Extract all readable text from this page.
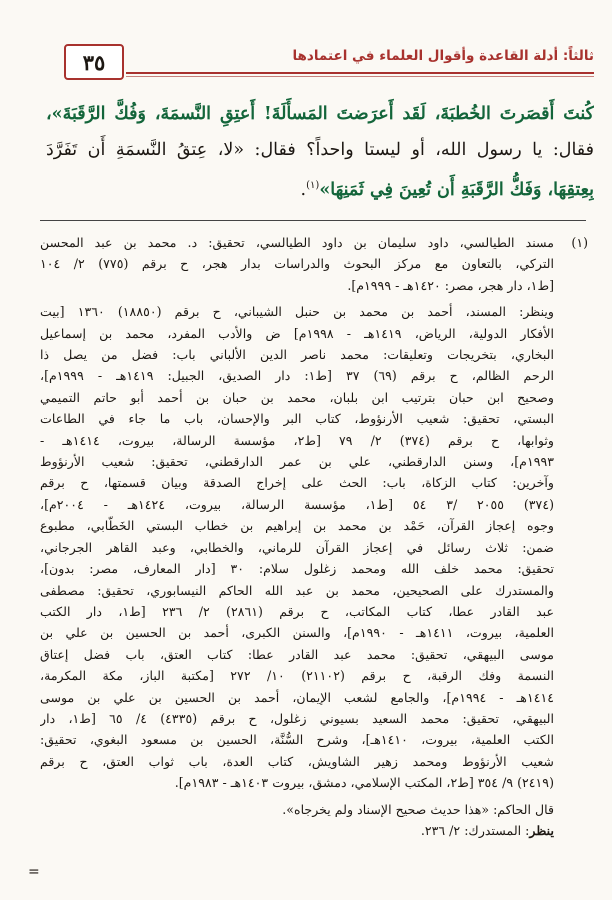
٣٥	ثالثاً: أدلة القاعدة وأقوال العلماء في اعتمادها
كُنتَ أَقصَرتَ الخُطبَةَ، لَقَد أَعرَضتَ المَسأَلَةَ! أَعتِقِ النَّسمَةَ، وَفُكَّ الرَّقَبَةَ»،
فقال: يا رسول الله، أو ليستا واحداً؟ فقال: «لا، عِتقُ النَّسمَةِ أَن تَفَرَّدَ
بِعِتقِهَا، وَفَكُّ الرَّقَبَةِ أَن تُعِينَ فِي ثَمَنِهَا»$^{(١)}$.
(١)
مسند الطيالسي، داود سليمان بن داود الطيالسي، تحقيق: د. محمد بن عبد المحسن
التركي، بالتعاون مع مركز البحوث والدراسات بدار هجر، ح برقم (٧٧٥) ٢/ ١٠٤
[ط١، دار هجر، مصر: ١٤٢٠هـ - ١٩٩٩م].
وينظر: المسند، أحمد بن محمد بن حنبل الشيباني، ح برقم (١٨٨٥٠) ١٣٦٠ [بيت
الأفكار الدولية، الرياض، ١٤١٩هـ - ١٩٩٨م] ض والأدب المفرد، محمد بن إسماعيل
البخاري، بتخريجات وتعليقات: محمد ناصر الدين الألباني باب: فضل من يصل ذا
الرحم الظالم، ح برقم (٦٩) ٣٧ [ط١: دار الصديق، الجبيل: ١٤١٩هـ - ١٩٩٩م]،
وصحيح ابن حبان بترتيب ابن بلبان، محمد بن حبان بن أحمد أبو حاتم التميمي
البستي، تحقيق: شعيب الأرنؤوط، كتاب البر والإحسان، باب ما جاء في الطاعات
وثوابها، ح برقم (٣٧٤) ٢/ ٧٩ [ط٢، مؤسسة الرسالة، بيروت، ١٤١٤هـ -
١٩٩٣م]، وسنن الدارقطني، علي بن عمر الدارقطني، تحقيق: شعيب الأرنؤوط
وآخرين: كتاب الزكاة، باب: الحث على إخراج الصدقة وبيان قسمتها، ح برقم
(٣٧٤) ٢٠٥٥ /٣ ٥٤ [ط١، مؤسسة الرسالة، بيروت، ١٤٢٤هـ - ٢٠٠٤م]،
وجوه إعجاز القرآن، حَمْد بن محمد بن إبراهيم بن خطاب البستي الخَطّابي، مطبوع
ضمن: ثلاث رسائل في إعجاز القرآن للرماني، والخطابي، وعبد القاهر الجرجاني،
تحقيق: محمد خلف الله ومحمد زغلول سلام: ٣٠ [دار المعارف، مصر: بدون]،
والمستدرك على الصحيحين، محمد بن عبد الله الحاكم النيسابوري، تحقيق: مصطفى
عبد القادر عطا، كتاب المكاتب، ح برقم (٢٨٦١) ٢/ ٢٣٦ [ط١، دار الكتب
العلمية، بيروت، ١٤١١هـ - ١٩٩٠م]، والسنن الكبرى، أحمد بن الحسين بن علي بن
موسى البيهقي، تحقيق: محمد عبد القادر عطا: كتاب العتق، باب فضل إعتاق
النسمة وفك الرقبة، ح برقم (٢١١٠٢) ١٠/ ٢٧٢ [مكتبة الباز، مكة المكرمة،
١٤١٤هـ - ١٩٩٤م]، والجامع لشعب الإيمان، أحمد بن الحسين بن علي بن موسى
البيهقي، تحقيق: محمد السعيد بسيوني زغلول، ح برقم (٤٣٣٥) ٤/ ٦٥ [ط١، دار
الكتب العلمية، بيروت، ١٤١٠هـ]، وشرح السُّنَّة، الحسين بن مسعود البغوي، تحقيق:
شعيب الأرنؤوط ومحمد زهير الشاويش، كتاب العدة، باب ثواب العتق، ح برقم
(٢٤١٩) ٩/ ٣٥٤ [ط٢، المكتب الإسلامي، دمشق، بيروت ١٤٠٣هـ - ١٩٨٣م].
قال الحاكم: «هذا حديث صحيح الإسناد ولم يخرجاه».
ينظر: المستدرك: ٢/ ٢٣٦.
=
